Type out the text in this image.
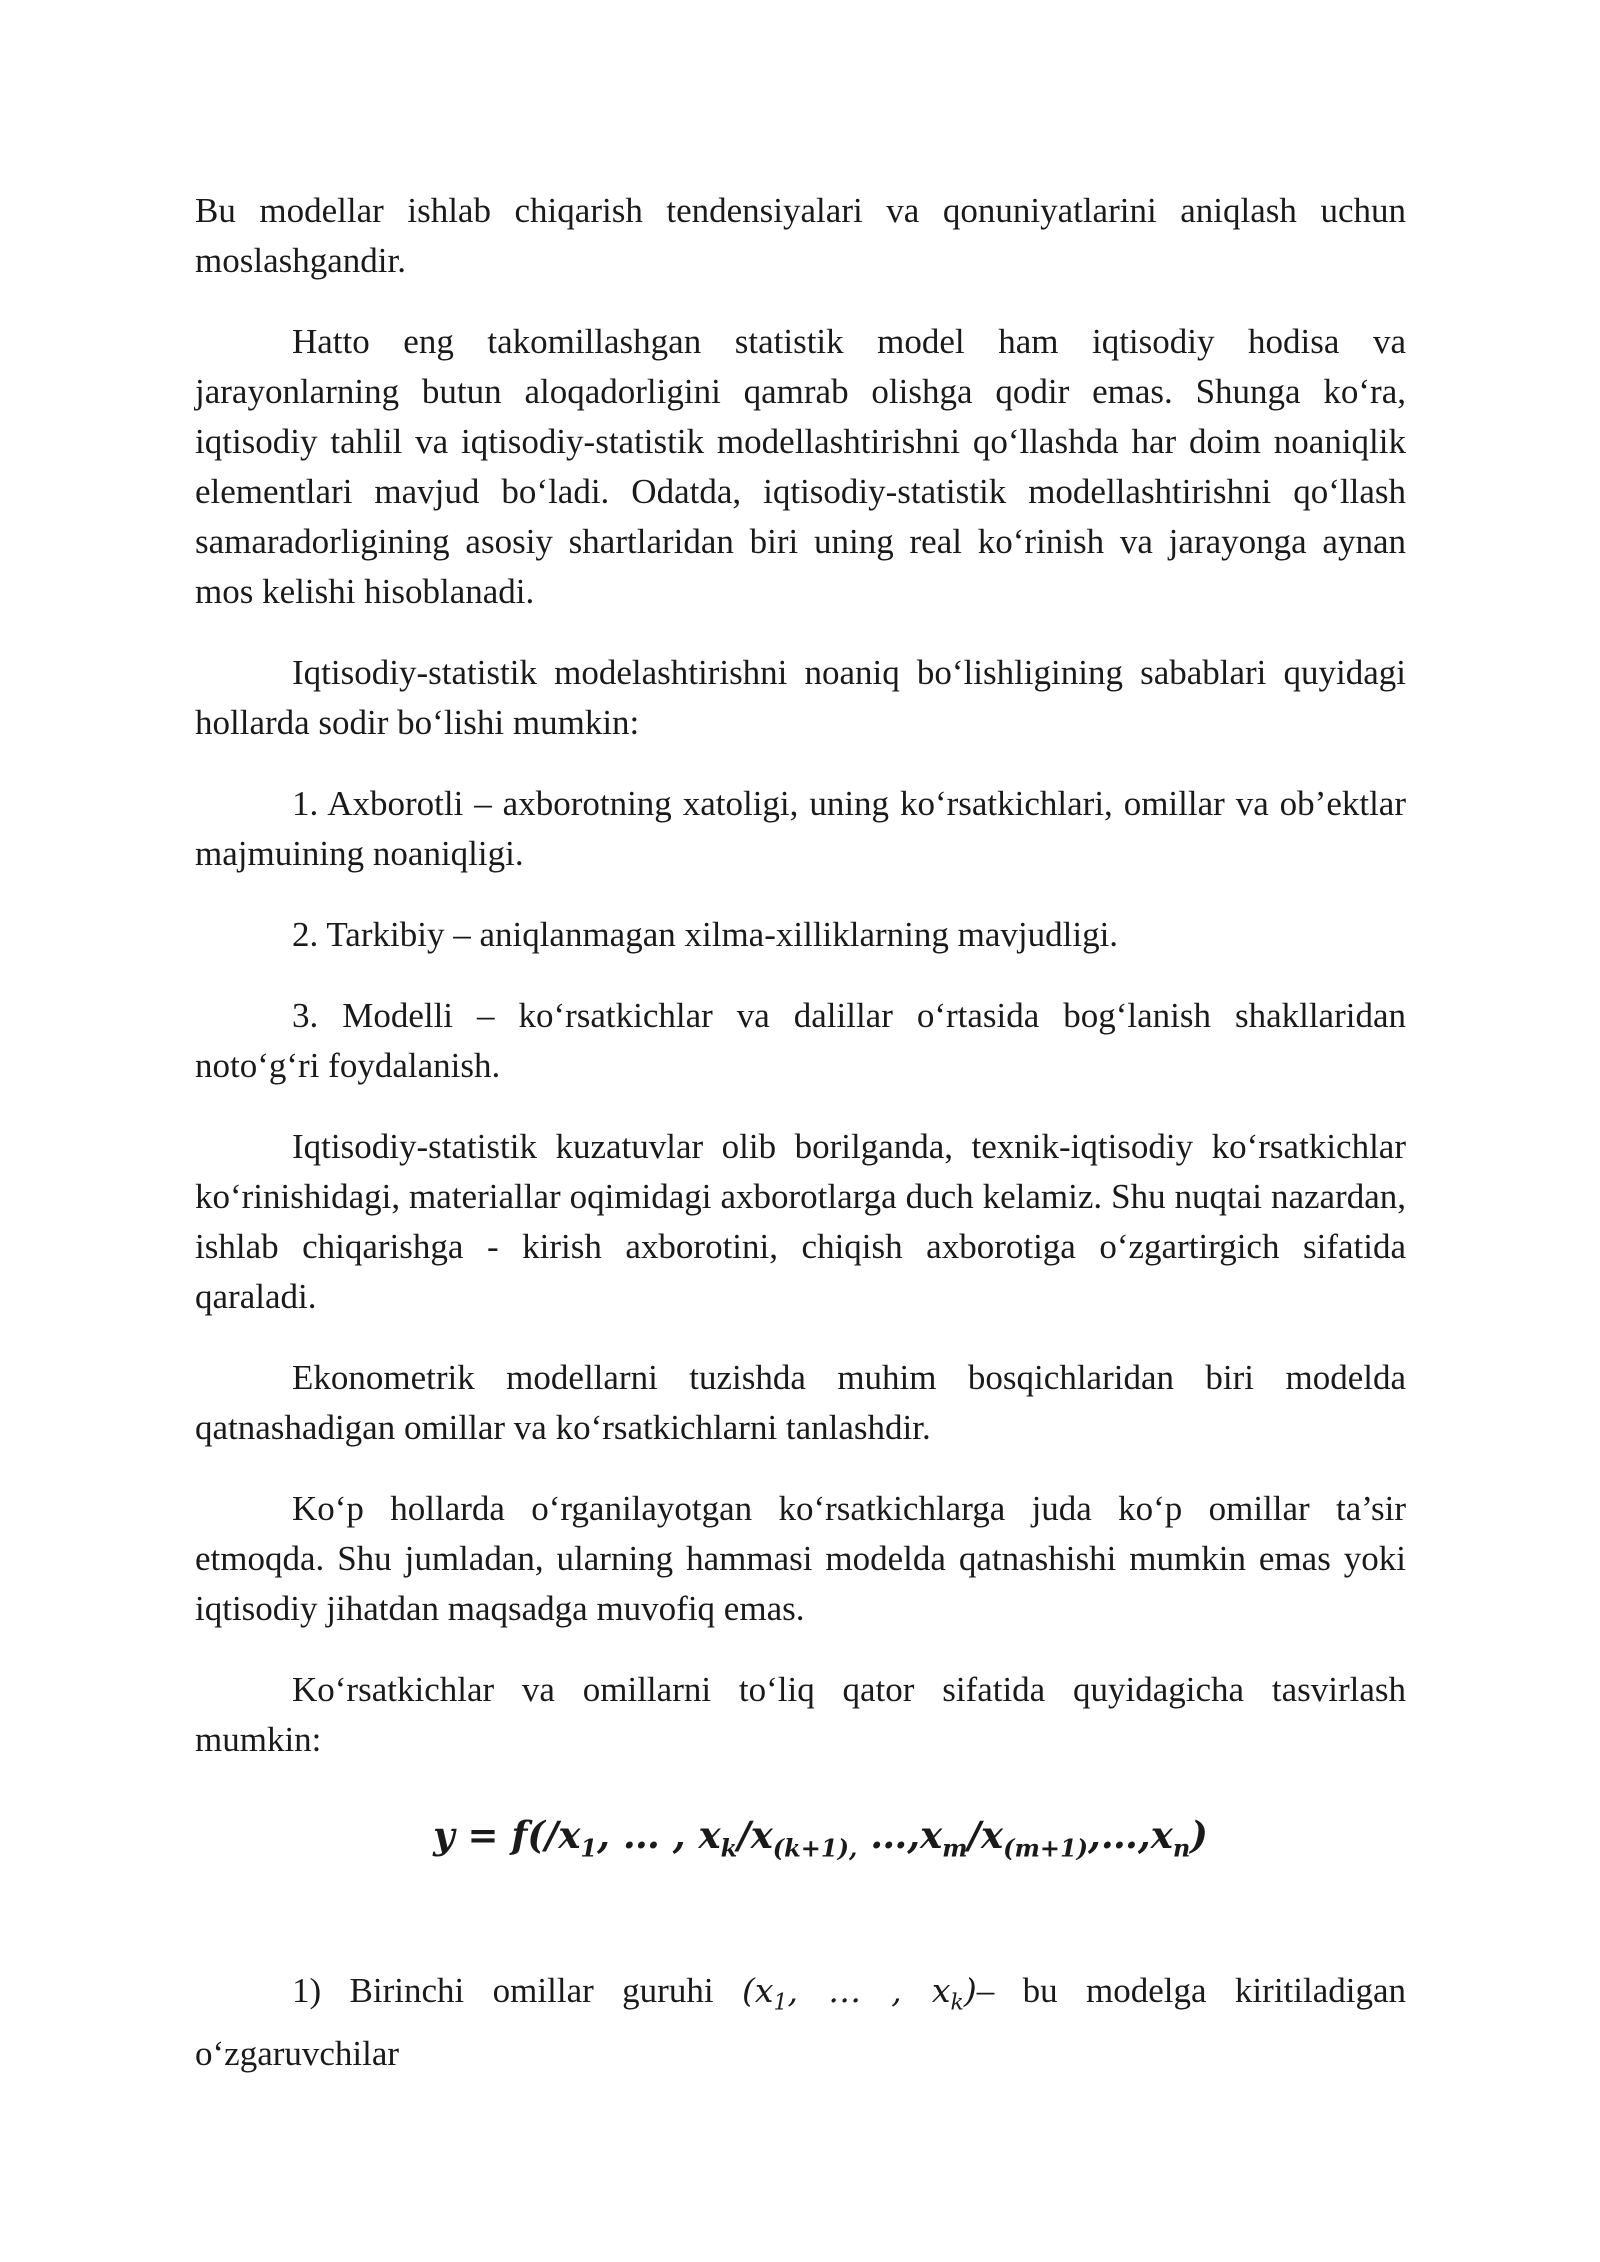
Bu modellar ishlab chiqarish tendensiyalari va qonuniyatlarini aniqlash uchun moslashgandir.

Hatto eng takomillashgan statistik model ham iqtisodiy hodisa va jarayonlarning butun aloqadorligini qamrab olishga qodir emas. Shunga ko‘ra, iqtisodiy tahlil va iqtisodiy-statistik modellashtirishni qo‘llashda har doim noaniqlik elementlari mavjud bo‘ladi. Odatda, iqtisodiy-statistik modellashtirishni qo‘llash samaradorligining asosiy shartlaridan biri uning real ko‘rinish va jarayonga aynan mos kelishi hisoblanadi.

Iqtisodiy-statistik modelashtirishni noaniq bo‘lishligining sabablari quyidagi hollarda sodir bo‘lishi mumkin:

1. Axborotli – axborotning xatoligi, uning ko‘rsatkichlari, omillar va ob’ektlar majmuining noaniqligi.

2. Tarkibiy – aniqlanmagan xilma-xilliklarning mavjudligi.

3. Modelli – ko‘rsatkichlar va dalillar o‘rtasida bog‘lanish shakllaridan noto‘g‘ri foydalanish.

Iqtisodiy-statistik kuzatuvlar olib borilganda, texnik-iqtisodiy ko‘rsatkichlar ko‘rinishidagi, materiallar oqimidagi axborotlarga duch kelamiz. Shu nuqtai nazardan, ishlab chiqarishga - kirish axborotini, chiqish axborotiga o‘zgartirgich sifatida qaraladi.

Ekonometrik modellarni tuzishda muhim bosqichlaridan biri modelda qatnashadigan omillar va ko‘rsatkichlarni tanlashdir.

Ko‘p hollarda o‘rganilayotgan ko‘rsatkichlarga juda ko‘p omillar ta’sir etmoqda. Shu jumladan, ularning hammasi modelda qatnashishi mumkin emas yoki iqtisodiy jihatdan maqsadga muvofiq emas.

Ko‘rsatkichlar va omillarni to‘liq qator sifatida quyidagicha tasvirlash mumkin:

$y = f(/x_1$, … , $x_k/x_{(k+1),}$ $\dots,x_m/x_{(m+1)},\dots,x_n$)

1) Birinchi omillar guruhi ($x_1$, … , $x_k)-$ bu modelga kiritiladigan o‘zgaruvchilar
